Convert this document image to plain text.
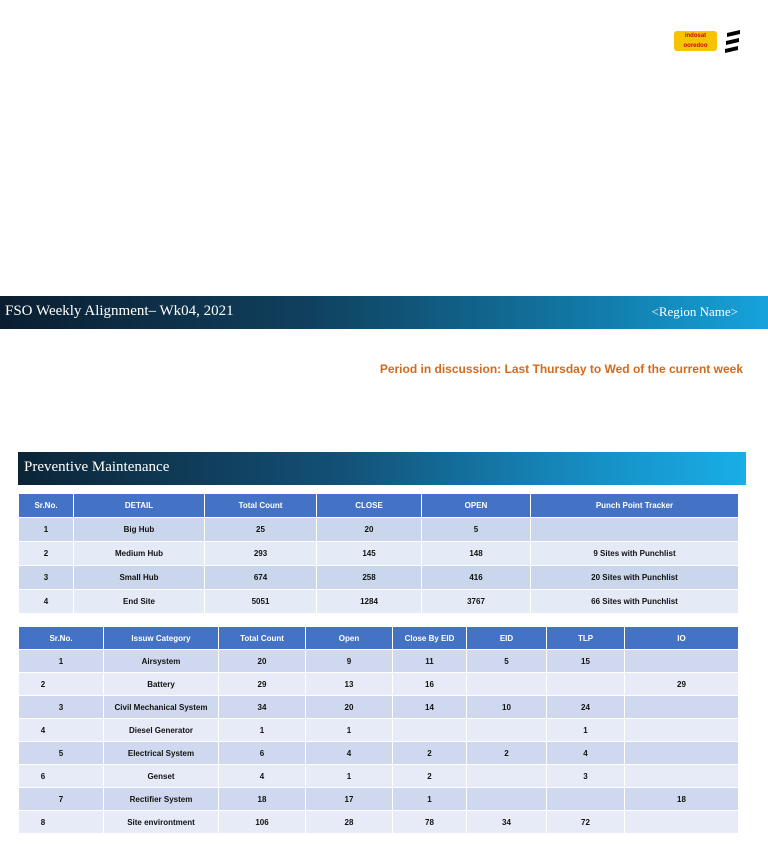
indosat
ooredoo
FSO Weekly Alignment– Wk04, 2021	<Region Name>
Period in discussion: Last Thursday to Wed of the current week
Preventive Maintenance
Sr.No.	DETAIL	Total Count	CLOSE	OPEN	Punch Point Tracker
1	Big Hub	25	20	5	
2	Medium Hub	293	145	148	9 Sites with Punchlist
3	Small Hub	674	258	416	20 Sites with Punchlist
4	End Site	5051	1284	3767	66 Sites with Punchlist
Sr.No.	Issuw Category	Total Count	Open	Close By EID	EID	TLP	IO
1	Airsystem	20	9	11	5	15	
2	Battery	29	13	16			29
3	Civil Mechanical System	34	20	14	10	24	
4	Diesel Generator	1	1			1	
5	Electrical System	6	4	2	2	4	
6	Genset	4	1	2		3	
7	Rectifier System	18	17	1			18
8	Site environtment	106	28	78	34	72	
